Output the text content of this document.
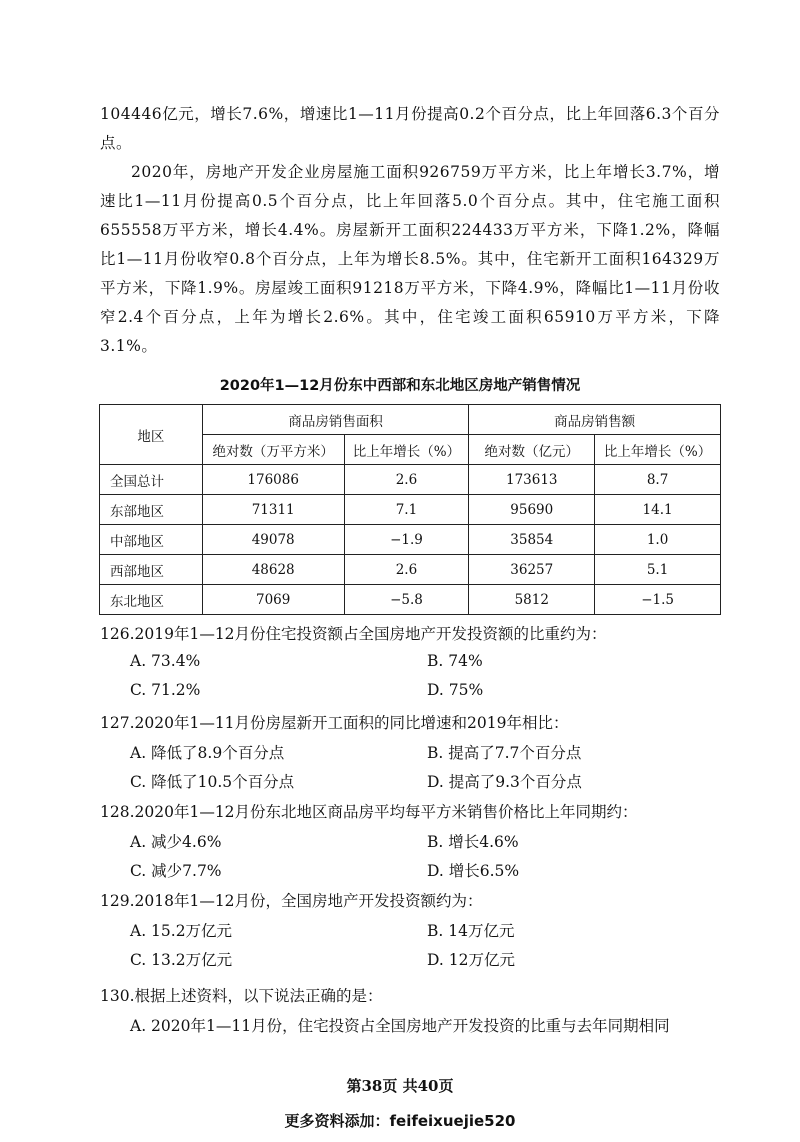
104446亿元，增长7.6%，增速比1—11月份提高0.2个百分点，比上年回落6.3个百分点。

2020年，房地产开发企业房屋施工面积926759万平方米，比上年增长3.7%，增速比1—11月份提高0.5个百分点，比上年回落5.0个百分点。其中，住宅施工面积655558万平方米，增长4.4%。房屋新开工面积224433万平方米，下降1.2%，降幅比1—11月份收窄0.8个百分点，上年为增长8.5%。其中，住宅新开工面积164329万平方米，下降1.9%。房屋竣工面积91218万平方米，下降4.9%，降幅比1—11月份收窄2.4个百分点，上年为增长2.6%。其中，住宅竣工面积65910万平方米，下降3.1%。

2020年1—12月份东中西部和东北地区房地产销售情况
地区	商品房销售面积		商品房销售额	
	绝对数（万平方米）	比上年增长（%）	绝对数（亿元）	比上年增长（%）
全国总计	176086	2.6	173613	8.7
东部地区	71311	7.1	95690	14.1
中部地区	49078	−1.9	35854	1.0
西部地区	48628	2.6	36257	5.1
东北地区	7069	−5.8	5812	−1.5

126.2019年1—12月份住宅投资额占全国房地产开发投资额的比重约为：

A. 73.4%	B. 74%

C. 71.2%	D. 75%

127.2020年1—11月份房屋新开工面积的同比增速和2019年相比：

A. 降低了8.9个百分点	B. 提高了7.7个百分点

C. 降低了10.5个百分点	D. 提高了9.3个百分点

128.2020年1—12月份东北地区商品房平均每平方米销售价格比上年同期约：

A. 减少4.6%	B. 增长4.6%

C. 减少7.7%	D. 增长6.5%

129.2018年1—12月份，全国房地产开发投资额约为：

A. 15.2万亿元	B. 14万亿元

C. 13.2万亿元	D. 12万亿元

130.根据上述资料，以下说法正确的是：

A. 2020年1—11月份，住宅投资占全国房地产开发投资的比重与去年同期相同

第38页 共40页
更多资料添加：feifeixuejie520
